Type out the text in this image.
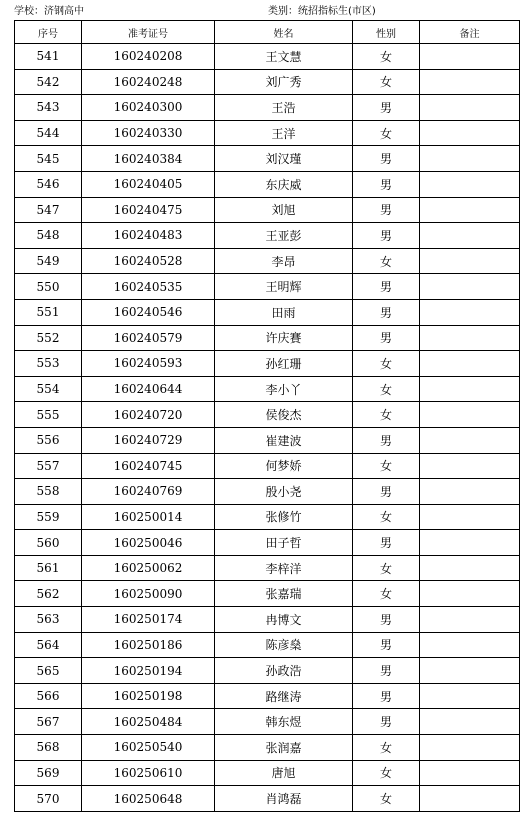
学校：济钢高中	类别：统招指标生(市区)
序号	准考证号	姓名	性别	备注
541	160240208	王文慧	女	
542	160240248	刘广秀	女	
543	160240300	王浩	男	
544	160240330	王洋	女	
545	160240384	刘汉瑾	男	
546	160240405	东庆威	男	
547	160240475	刘旭	男	
548	160240483	王亚彭	男	
549	160240528	李昂	女	
550	160240535	王明辉	男	
551	160240546	田雨	男	
552	160240579	许庆賽	男	
553	160240593	孙红珊	女	
554	160240644	李小丫	女	
555	160240720	侯俊杰	女	
556	160240729	崔建波	男	
557	160240745	何梦娇	女	
558	160240769	殷小尧	男	
559	160250014	张修竹	女	
560	160250046	田子哲	男	
561	160250062	李梓洋	女	
562	160250090	张嘉瑞	女	
563	160250174	冉博文	男	
564	160250186	陈彦燊	男	
565	160250194	孙政浩	男	
566	160250198	路继涛	男	
567	160250484	韩东煜	男	
568	160250540	张润嘉	女	
569	160250610	唐旭	女	
570	160250648	肖鸿磊	女	
